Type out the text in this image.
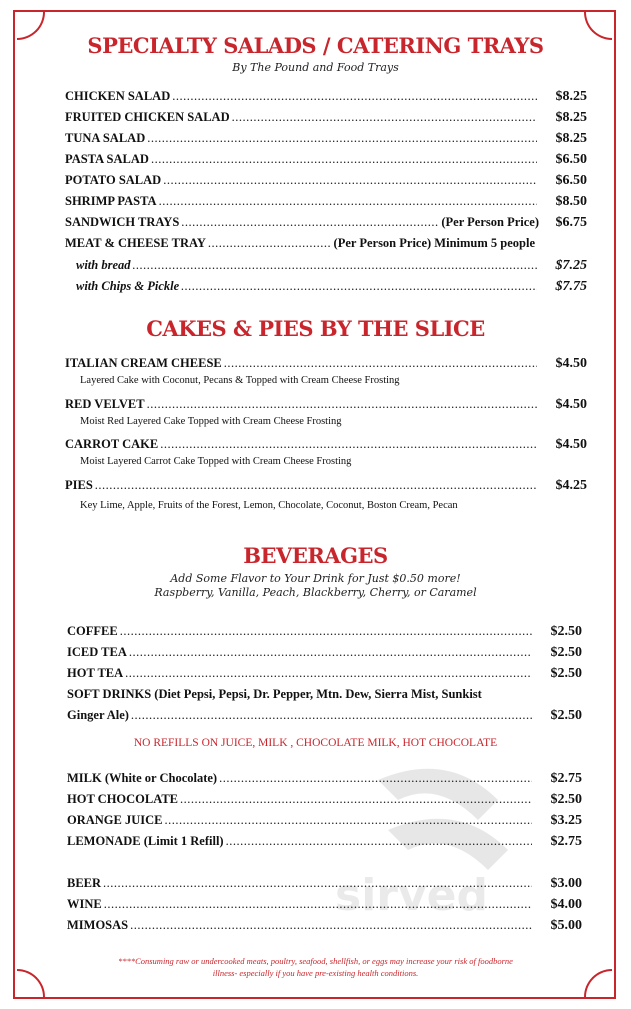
sirved
SPECIALTY SALADS / CATERING TRAYS
By The Pound and Food Trays
CHICKEN SALAD .....	$8.25
FRUITED CHICKEN SALAD .....	$8.25
TUNA SALAD .....	$8.25
PASTA SALAD .....	$6.50
POTATO SALAD .....	$6.50
SHRIMP PASTA .....	$8.50
SANDWICH TRAYS .....	(Per Person Price)	$6.75
MEAT & CHEESE TRAY .....	(Per Person Price) Minimum 5 people
with bread .....	$7.25
with Chips & Pickle .....	$7.75
CAKES & PIES BY THE SLICE
ITALIAN CREAM CHEESE .....	$4.50
Layered Cake with Coconut, Pecans & Topped with Cream Cheese Frosting
RED VELVET .....	$4.50
Moist Red Layered Cake Topped with Cream Cheese Frosting
CARROT CAKE .....	$4.50
Moist Layered Carrot Cake Topped with Cream Cheese Frosting
PIES .....	$4.25
Key Lime, Apple, Fruits of the Forest, Lemon, Chocolate, Coconut, Boston Cream, Pecan
BEVERAGES
Add Some Flavor to Your Drink for Just $0.50 more!
Raspberry, Vanilla, Peach, Blackberry, Cherry, or Caramel
COFFEE .....	$2.50
ICED TEA .....	$2.50
HOT TEA .....	$2.50
SOFT DRINKS (Diet Pepsi, Pepsi, Dr. Pepper, Mtn. Dew, Sierra Mist, Sunkist
Ginger Ale) .....	$2.50
NO REFILLS ON JUICE, MILK , CHOCOLATE MILK, HOT CHOCOLATE
MILK (White or Chocolate) .....	$2.75
HOT CHOCOLATE .....	$2.50
ORANGE JUICE .....	$3.25
LEMONADE (Limit 1 Refill) .....	$2.75
BEER .....	$3.00
WINE .....	$4.00
MIMOSAS .....	$5.00
****Consuming raw or undercooked meats, poultry, seafood, shellfish, or eggs may increase your risk of foodborne
illness- especially if you have pre-existing health conditions.
